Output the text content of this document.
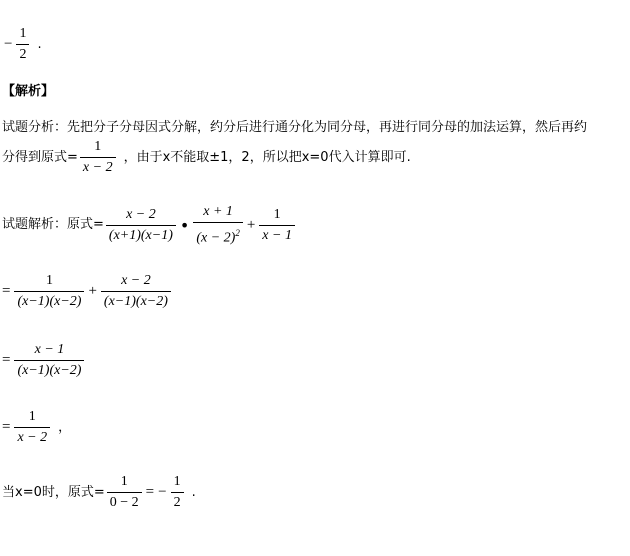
− $\frac{1}{2}$ .
【解析】
试题分析：先把分子分母因式分解，约分后进行通分化为同分母，再进行同分母的加法运算，然后再约
分得到原式= $\frac{1}{x - 2}$ ，由于x不能取±1，2，所以把x=0代入计算即可.
试题解析：原式= $\frac{x - 2}{(x+1)(x-1)}$ • $\frac{x + 1}{(x - 2)^2} + \frac{1}{x - 1}$
= $\frac{1}{(x-1)(x-2)} + \frac{x - 2}{(x-1)(x-2)}$
= $\frac{x - 1}{(x-1)(x-2)}$
= $\frac{1}{x - 2}$ ，
当x=0时，原式= $\frac{1}{0 - 2}$ = − $\frac{1}{2}$ .
